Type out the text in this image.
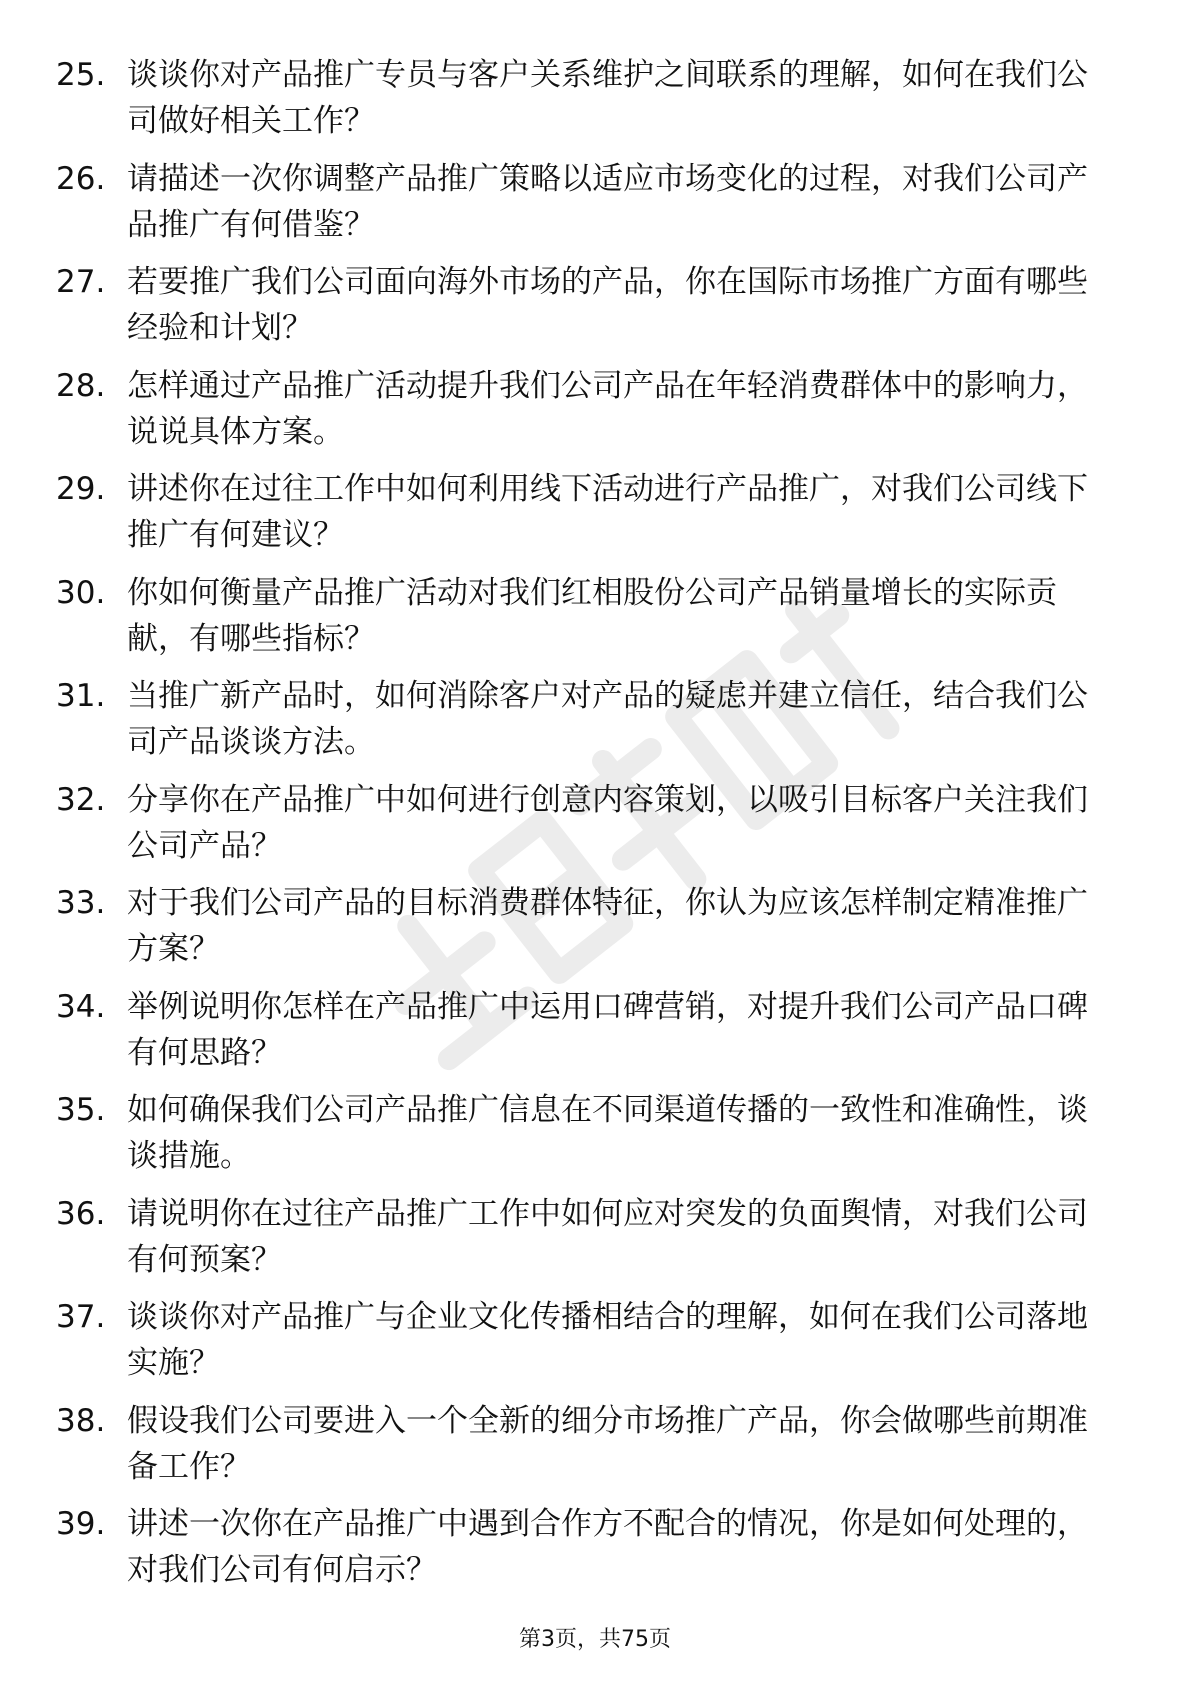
25. 谈谈你对产品推广专员与客户关系维护之间联系的理解，如何在我们公司做好相关工作？
26. 请描述一次你调整产品推广策略以适应市场变化的过程，对我们公司产品推广有何借鉴？
27. 若要推广我们公司面向海外市场的产品，你在国际市场推广方面有哪些经验和计划？
28. 怎样通过产品推广活动提升我们公司产品在年轻消费群体中的影响力，说说具体方案。
29. 讲述你在过往工作中如何利用线下活动进行产品推广，对我们公司线下推广有何建议？
30. 你如何衡量产品推广活动对我们红相股份公司产品销量增长的实际贡献，有哪些指标？
31. 当推广新产品时，如何消除客户对产品的疑虑并建立信任，结合我们公司产品谈谈方法。
32. 分享你在产品推广中如何进行创意内容策划，以吸引目标客户关注我们公司产品？
33. 对于我们公司产品的目标消费群体特征，你认为应该怎样制定精准推广方案？
34. 举例说明你怎样在产品推广中运用口碑营销，对提升我们公司产品口碑有何思路？
35. 如何确保我们公司产品推广信息在不同渠道传播的一致性和准确性，谈谈措施。
36. 请说明你在过往产品推广工作中如何应对突发的负面舆情，对我们公司有何预案？
37. 谈谈你对产品推广与企业文化传播相结合的理解，如何在我们公司落地实施？
38. 假设我们公司要进入一个全新的细分市场推广产品，你会做哪些前期准备工作？
39. 讲述一次你在产品推广中遇到合作方不配合的情况，你是如何处理的，对我们公司有何启示？
第3页，共75页
